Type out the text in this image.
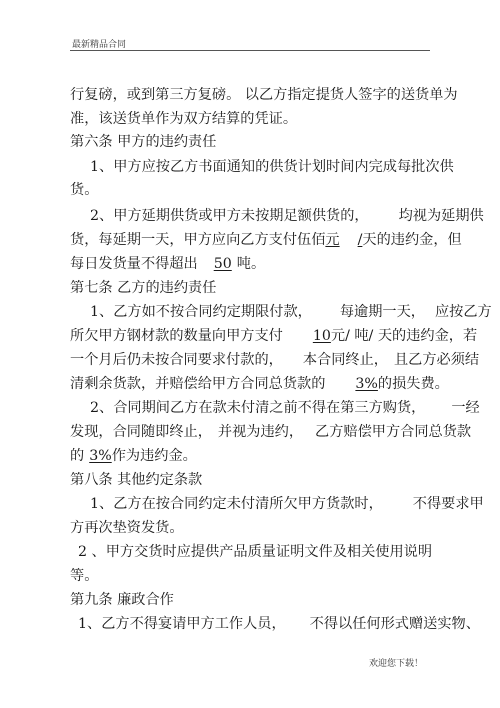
最新精品合同
行复磅，或到第三方复磅。 以乙方指定提货人签字的送货单为
准，该送货单作为双方结算的凭证。
第六条 甲方的违约责任
1、甲方应按乙方书面通知的供货计划时间内完成每批次供
货。
2、甲方延期供货或甲方未按期足额供货的， 均视为延期供
货，每延期一天，甲方应向乙方支付伍佰元 /天的违约金，但
每日发货量不得超出 50 吨。
第七条 乙方的违约责任
1、乙方如不按合同约定期限付款， 每逾期一天， 应按乙方
所欠甲方钢材款的数量向甲方支付 10元/ 吨/ 天的违约金，若
一个月后仍未按合同要求付款的， 本合同终止， 且乙方必须结
清剩余货款，并赔偿给甲方合同总货款的 3%的损失费。
2、合同期间乙方在款未付清之前不得在第三方购货， 一经
发现，合同随即终止， 并视为违约， 乙方赔偿甲方合同总货款
的 3%作为违约金。
第八条 其他约定条款
1、乙方在按合同约定未付清所欠甲方货款时， 不得要求甲
方再次垫资发货。
2 、甲方交货时应提供产品质量证明文件及相关使用说明
等。
第九条 廉政合作
1、乙方不得宴请甲方工作人员， 不得以任何形式赠送实物、
欢迎您下载！
